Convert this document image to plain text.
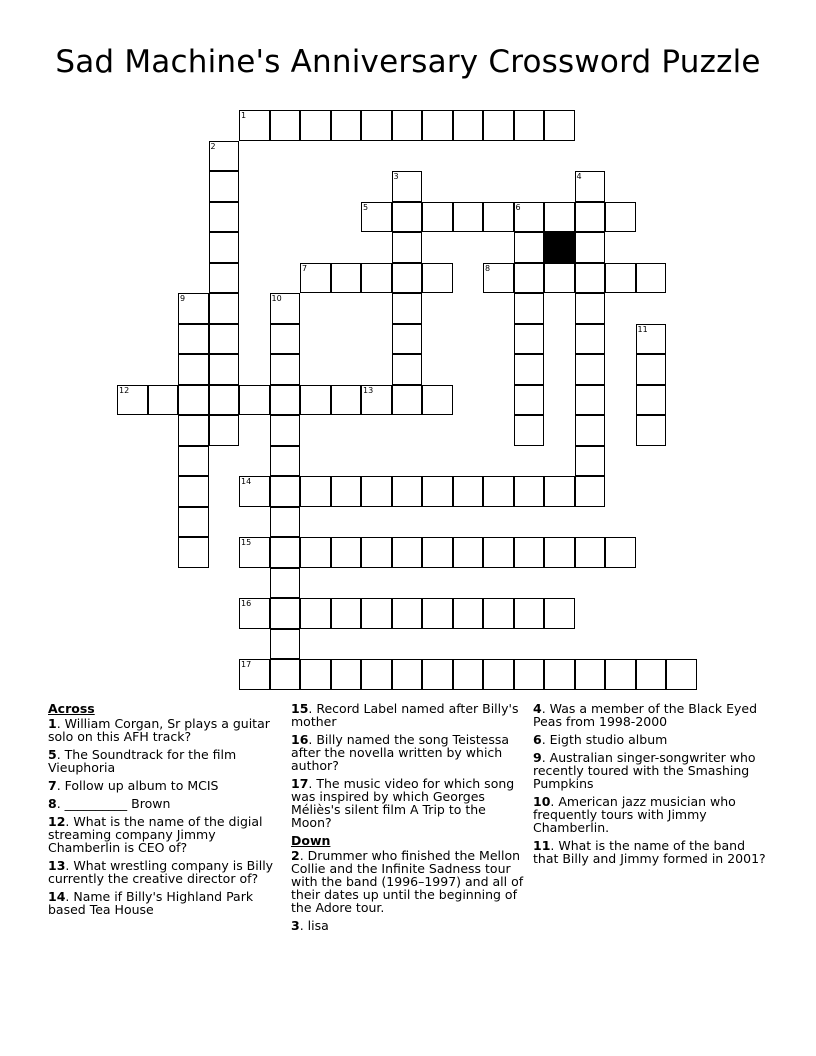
Sad Machine's Anniversary Crossword Puzzle
1
2
3	4
5	6
7	8
9	10
11
12	13
14
15
16
17
Across
1. William Corgan, Sr plays a guitar solo on this AFH track?
5. The Soundtrack for the film Vieuphoria
7. Follow up album to MCIS
8. __________ Brown
12. What is the name of the digial streaming company Jimmy Chamberlin is CEO of?
13. What wrestling company is Billy currently the creative director of?
14. Name if Billy's Highland Park based Tea House
15. Record Label named after Billy's mother
16. Billy named the song Teistessa after the novella written by which author?
17. The music video for which song was inspired by which Georges Méliès's silent film A Trip to the Moon?
Down
2. Drummer who finished the Mellon Collie and the Infinite Sadness tour with the band (1996–1997) and all of their dates up until the beginning of the Adore tour.
3. lisa
4. Was a member of the Black Eyed Peas from 1998-2000
6. Eigth studio album
9. Australian singer-songwriter who recently toured with the Smashing Pumpkins
10. American jazz musician who frequently tours with Jimmy Chamberlin.
11. What is the name of the band that Billy and Jimmy formed in 2001?
